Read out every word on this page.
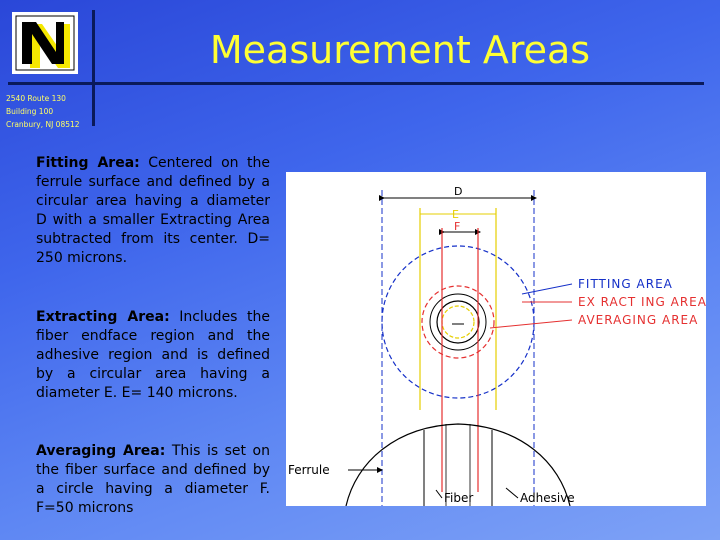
Measurement Areas
2540 Route 130
Building 100
Cranbury, NJ 08512
Fitting Area: Centered on the ferrule surface and defined by a circular area having a diameter D with a smaller Extracting Area subtracted from its center. D= 250 microns.
Extracting Area: Includes the fiber endface region and the adhesive region and is defined by a circular area having a diameter E. E= 140 microns.
Averaging Area: This is set on the fiber surface and defined by a circle having a diameter F. F=50 microns
D
E
F
FITTING AREA
EX RACT ING AREA
AVERAGING AREA
Ferrule
Fiber	Adhesive
